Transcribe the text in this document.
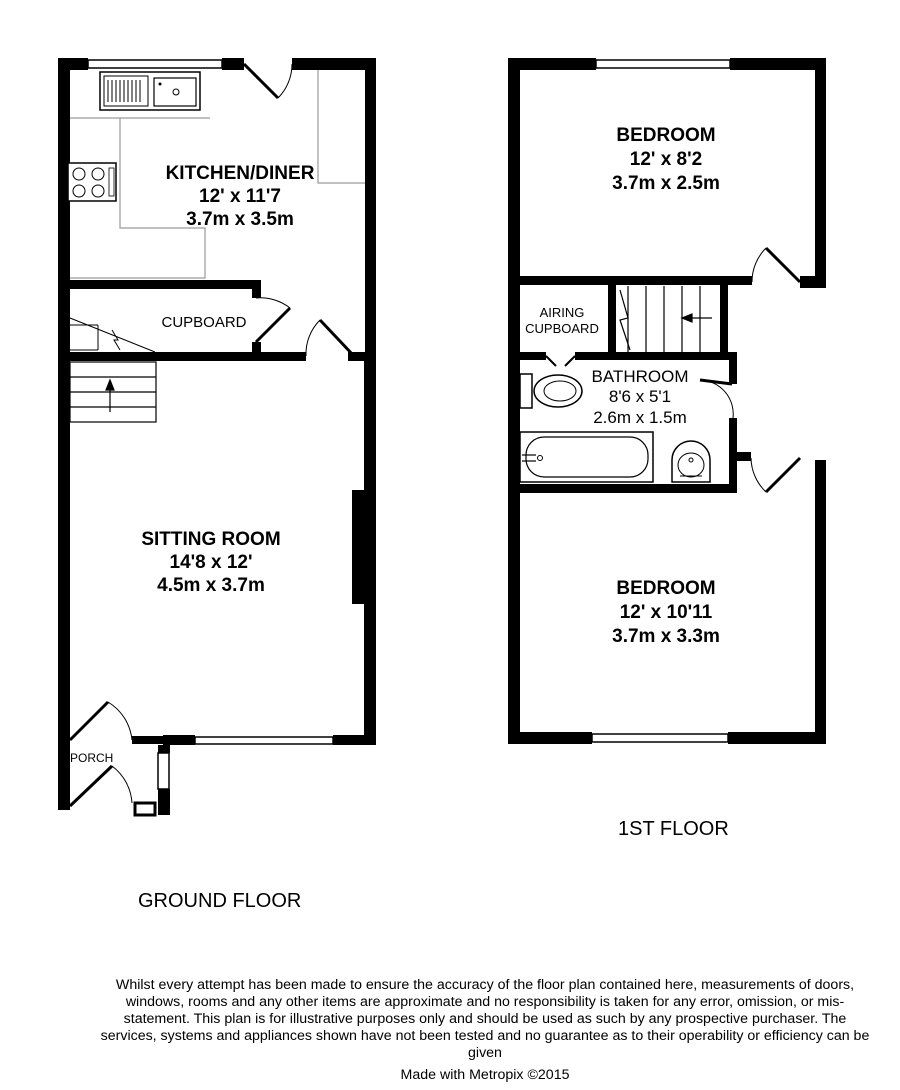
KITCHEN/DINER
12' x 11'7
3.7m x 3.5m
CUPBOARD
SITTING ROOM
14'8 x 12'
4.5m x 3.7m
PORCH
BEDROOM
12' x 8'2
3.7m x 2.5m
AIRING
CUPBOARD
BATHROOM
8'6 x 5'1
2.6m x 1.5m
BEDROOM
12' x 10'11
3.7m x 3.3m
1ST FLOOR
GROUND FLOOR
Whilst every attempt has been made to ensure the accuracy of the floor plan contained here, measurements of doors, windows, rooms and any other items are approximate and no responsibility is taken for any error, omission, or mis-statement. This plan is for illustrative purposes only and should be used as such by any prospective purchaser. The services, systems and appliances shown have not been tested and no guarantee as to their operability or efficiency can be given
Made with Metropix ©2015
